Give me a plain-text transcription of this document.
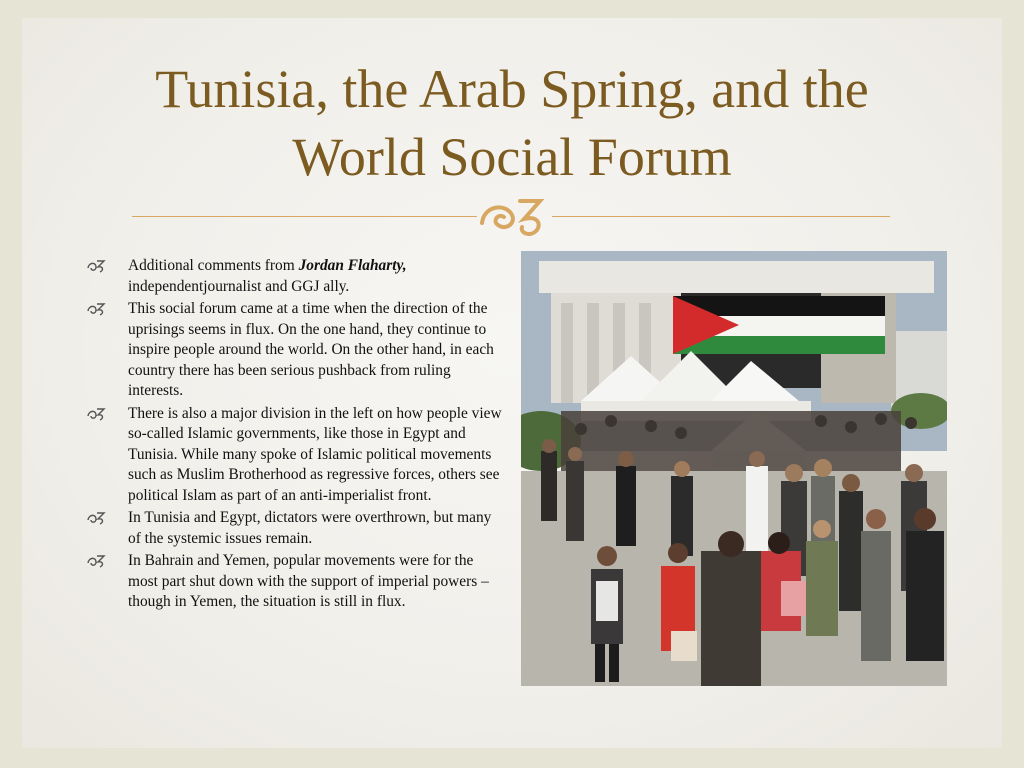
Tunisia, the Arab Spring, and the
World Social Forum
Additional comments from Jordan Flaharty, independentjournalist and GGJ ally.
This social forum came at a time when the direction of the uprisings seems in flux. On the one hand, they continue to inspire people around the world. On the other hand, in each country there has been serious pushback from ruling interests.
There is also a major division in the left on how people view so-called Islamic governments, like those in Egypt and Tunisia. While many spoke of Islamic political movements such as Muslim Brotherhood as regressive forces, others see political Islam as part of an anti-imperialist front.
In Tunisia and Egypt, dictators were overthrown, but many of the systemic issues remain.
In Bahrain and Yemen, popular movements were for the most part shut down with the support of imperial powers – though in Yemen, the situation is still in flux.
